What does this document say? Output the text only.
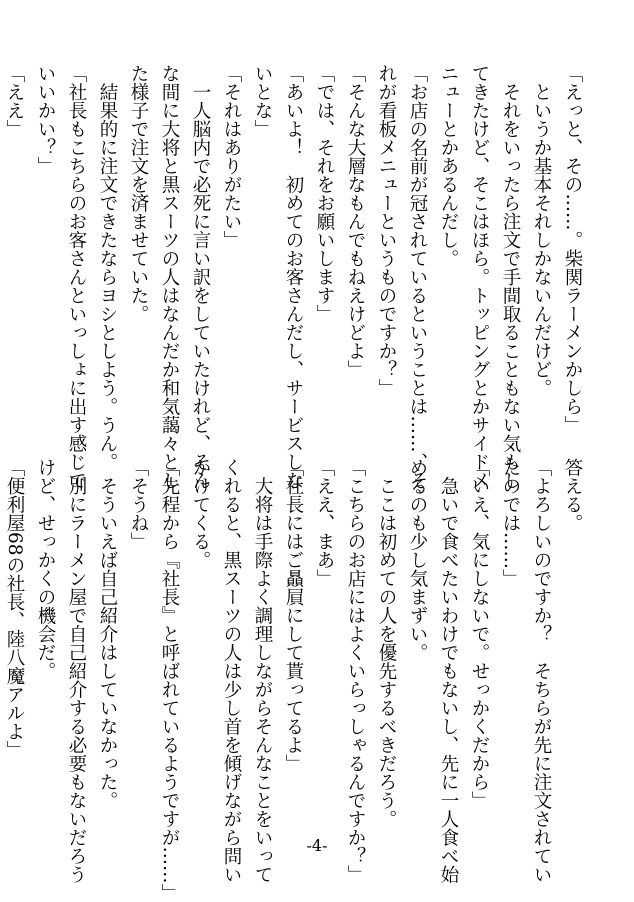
「えっと、その……。柴関ラーメンかしら」
　というか基本それしかないんだけど。
　それをいったら注文で手間取ることもない気もし
てきたけど、そこはほら。トッピングとかサイドメ
ニューとかあるんだし。
「お店の名前が冠されているということは……、そ
れが看板メニューというものですか？」
「そんな大層なもんでもねえけどよ」
「では、それをお願いします」
「あいよ！　初めてのお客さんだし、サービスしな
いとな」
「それはありがたい」
　一人脳内で必死に言い訳をしていたけれど、そん
な間に大将と黒スーツの人はなんだか和気藹々とし
た様子で注文を済ませていた。
　結果的に注文できたならヨシとしよう。うん。
「社長もこちらのお客さんといっしょに出す感じで
いいかい？」
「ええ」
答える。
「よろしいのですか？　そちらが先に注文されてい
たのでは……」
「いえ、気にしないで。せっかくだから」
　急いで食べたいわけでもないし、先に一人食べ始
めるのも少し気まずい。
　ここは初めての人を優先するべきだろう。
「こちらのお店にはよくいらっしゃるんですか？」
「ええ、まあ」
「社長にはご贔屓にして貰ってるよ」
　大将は手際よく調理しながらそんなことをいって
くれると、黒スーツの人は少し首を傾げながら問い
かけてくる。
「先程から『社長』と呼ばれているようですが……」
「そうね」
　そういえば自己紹介はしていなかった。
　別にラーメン屋で自己紹介する必要もないだろう
けど、せっかくの機会だ。
「便利屋68の社長、陸八魔アルよ」
-4-
